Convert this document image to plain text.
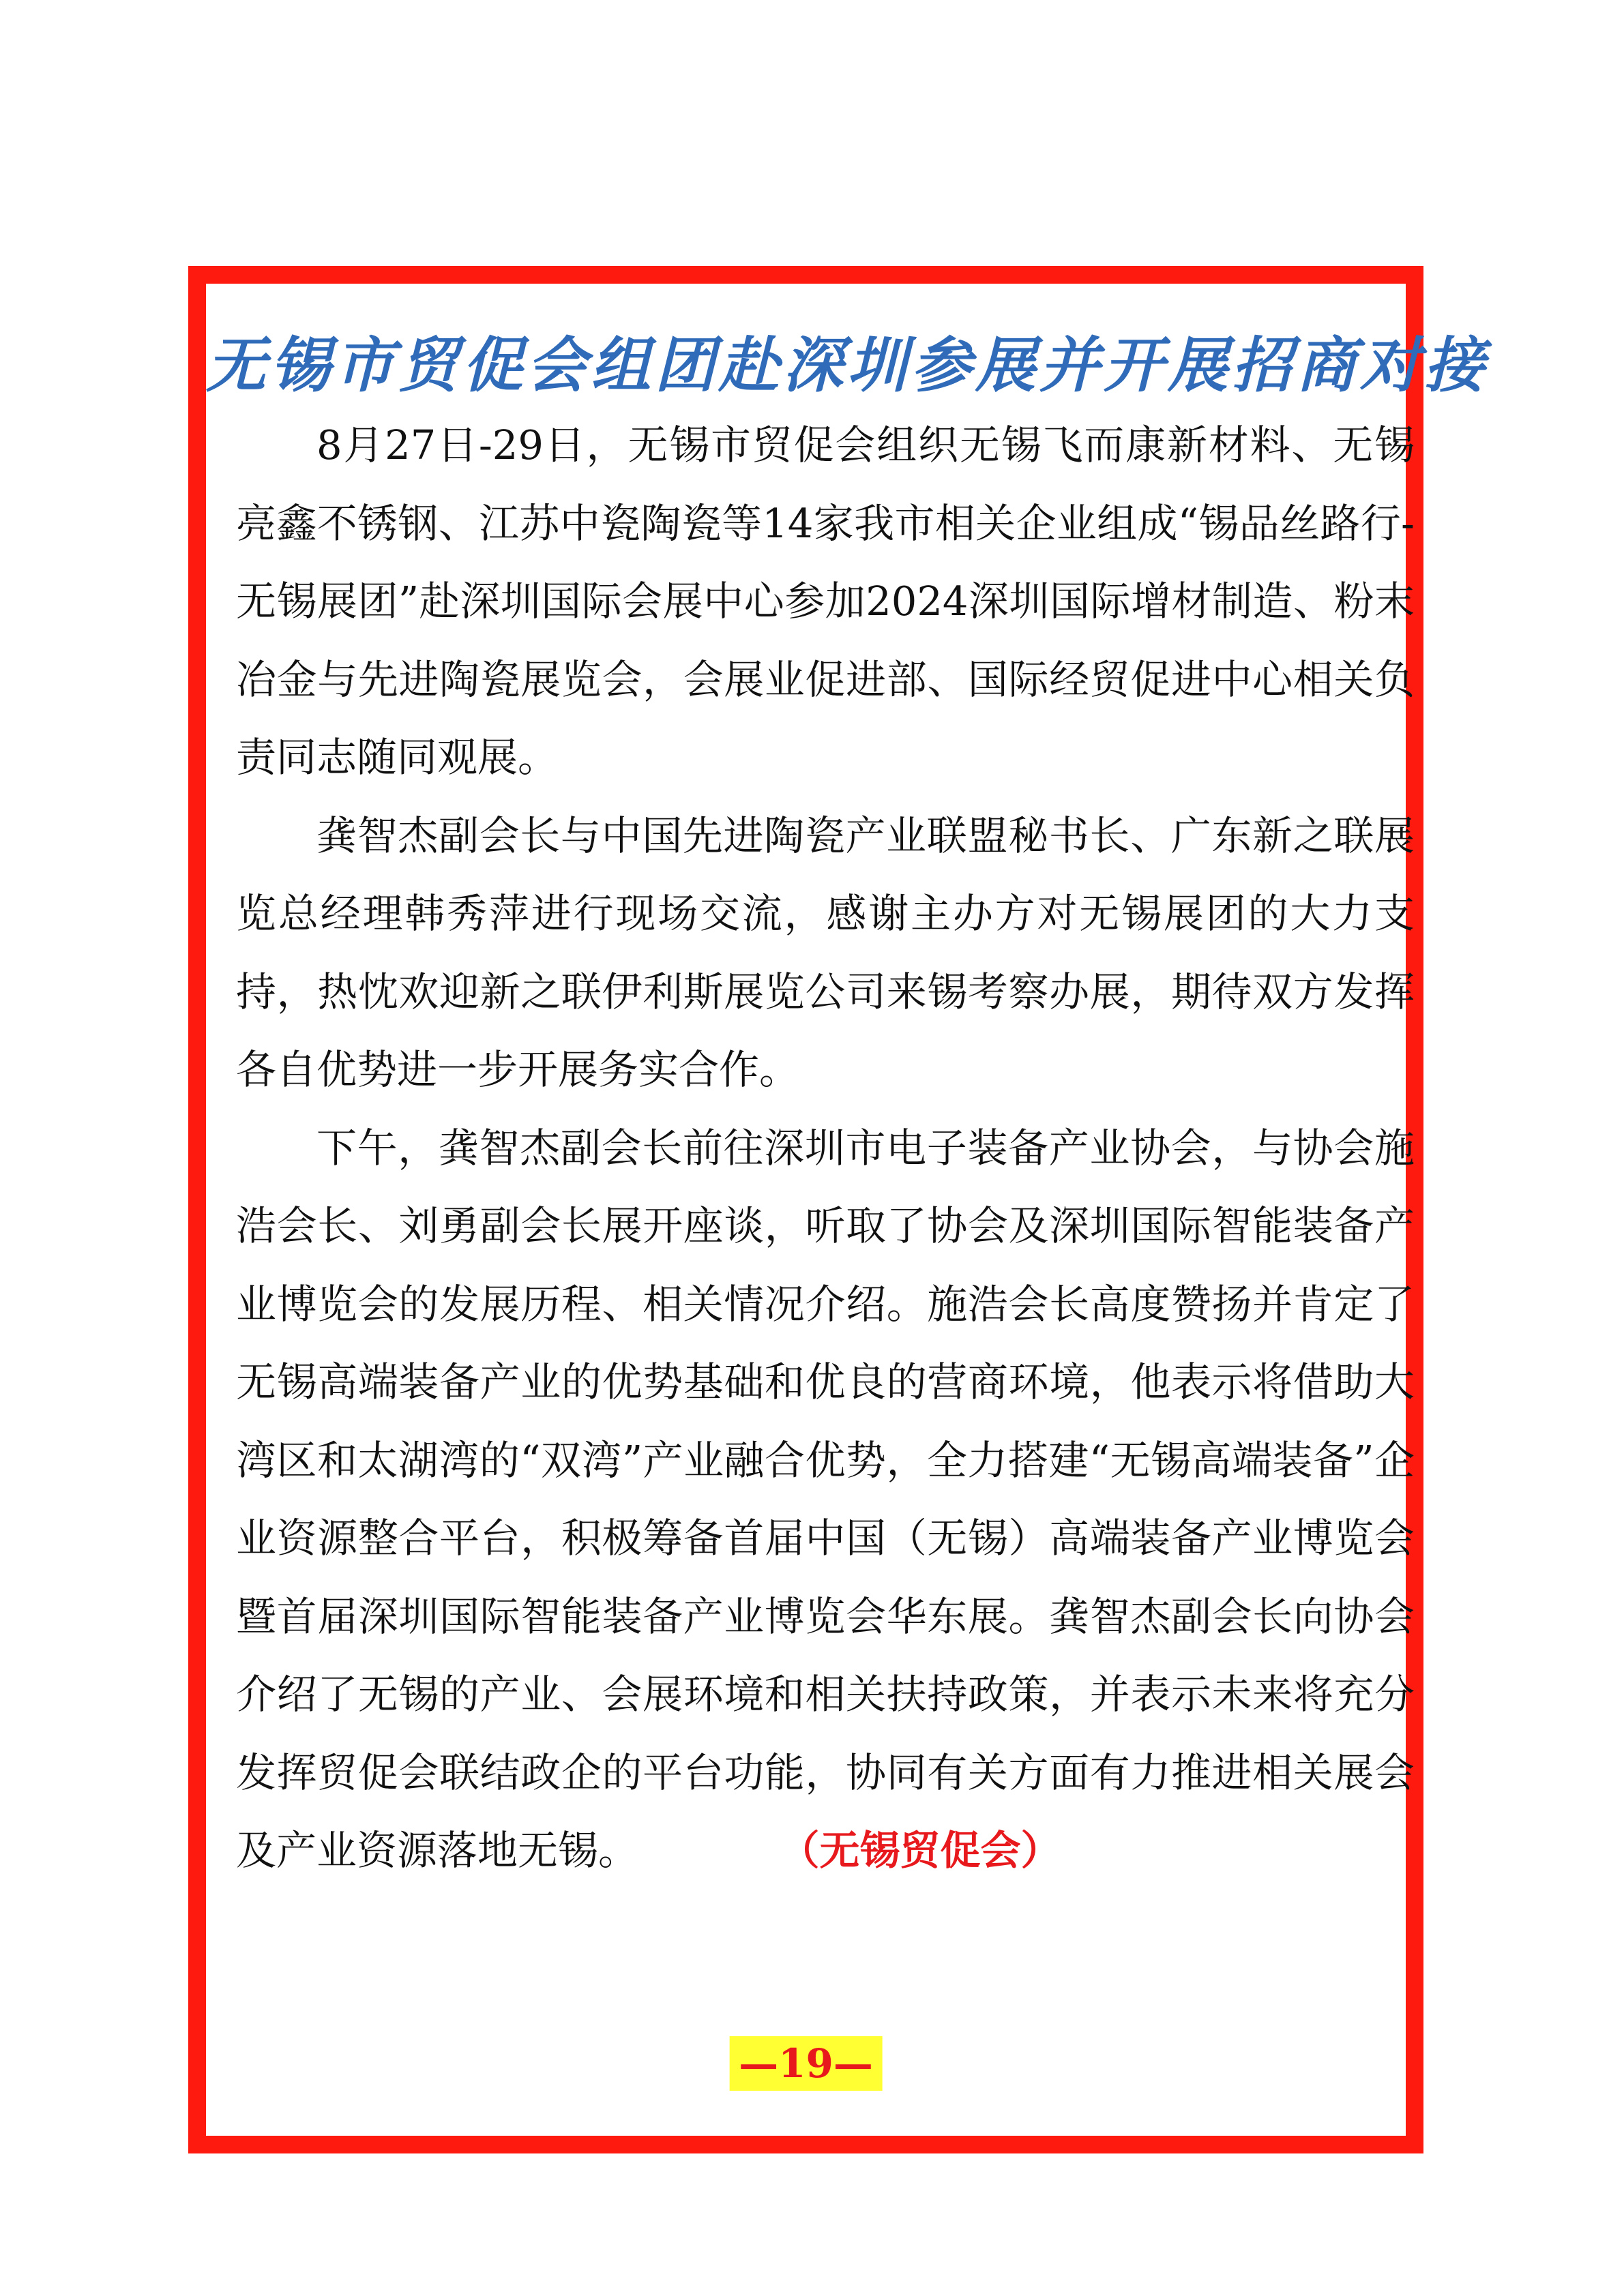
无锡市贸促会组团赴深圳参展并开展招商对接

8月27日-29日，无锡市贸促会组织无锡飞而康新材料、无锡亮鑫不锈钢、江苏中瓷陶瓷等14家我市相关企业组成“锡品丝路行-无锡展团”赴深圳国际会展中心参加2024深圳国际增材制造、粉末冶金与先进陶瓷展览会，会展业促进部、国际经贸促进中心相关负责同志随同观展。

龚智杰副会长与中国先进陶瓷产业联盟秘书长、广东新之联展览总经理韩秀萍进行现场交流，感谢主办方对无锡展团的大力支持，热忱欢迎新之联伊利斯展览公司来锡考察办展，期待双方发挥各自优势进一步开展务实合作。

下午，龚智杰副会长前往深圳市电子装备产业协会，与协会施浩会长、刘勇副会长展开座谈，听取了协会及深圳国际智能装备产业博览会的发展历程、相关情况介绍。施浩会长高度赞扬并肯定了无锡高端装备产业的优势基础和优良的营商环境，他表示将借助大湾区和太湖湾的“双湾”产业融合优势，全力搭建“无锡高端装备”企业资源整合平台，积极筹备首届中国（无锡）高端装备产业博览会暨首届深圳国际智能装备产业博览会华东展。龚智杰副会长向协会介绍了无锡的产业、会展环境和相关扶持政策，并表示未来将充分发挥贸促会联结政企的平台功能，协同有关方面有力推进相关展会及产业资源落地无锡。	（无锡贸促会）

—19—
